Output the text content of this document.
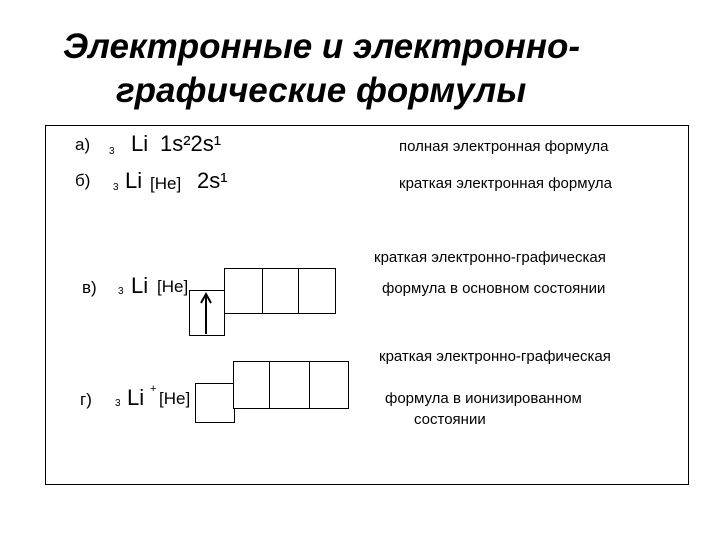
Электронные и электронно-
графические формулы
а) 3 Li 1s²2s¹	полная электронная формула
б) 3 Li [Не] 2s¹	краткая электронная формула
в) 3 Li [Не]
краткая электронно-графическая
формула в основном состоянии
г) 3 Li + [Не]
краткая электронно-графическая
формула в ионизированном
состоянии
